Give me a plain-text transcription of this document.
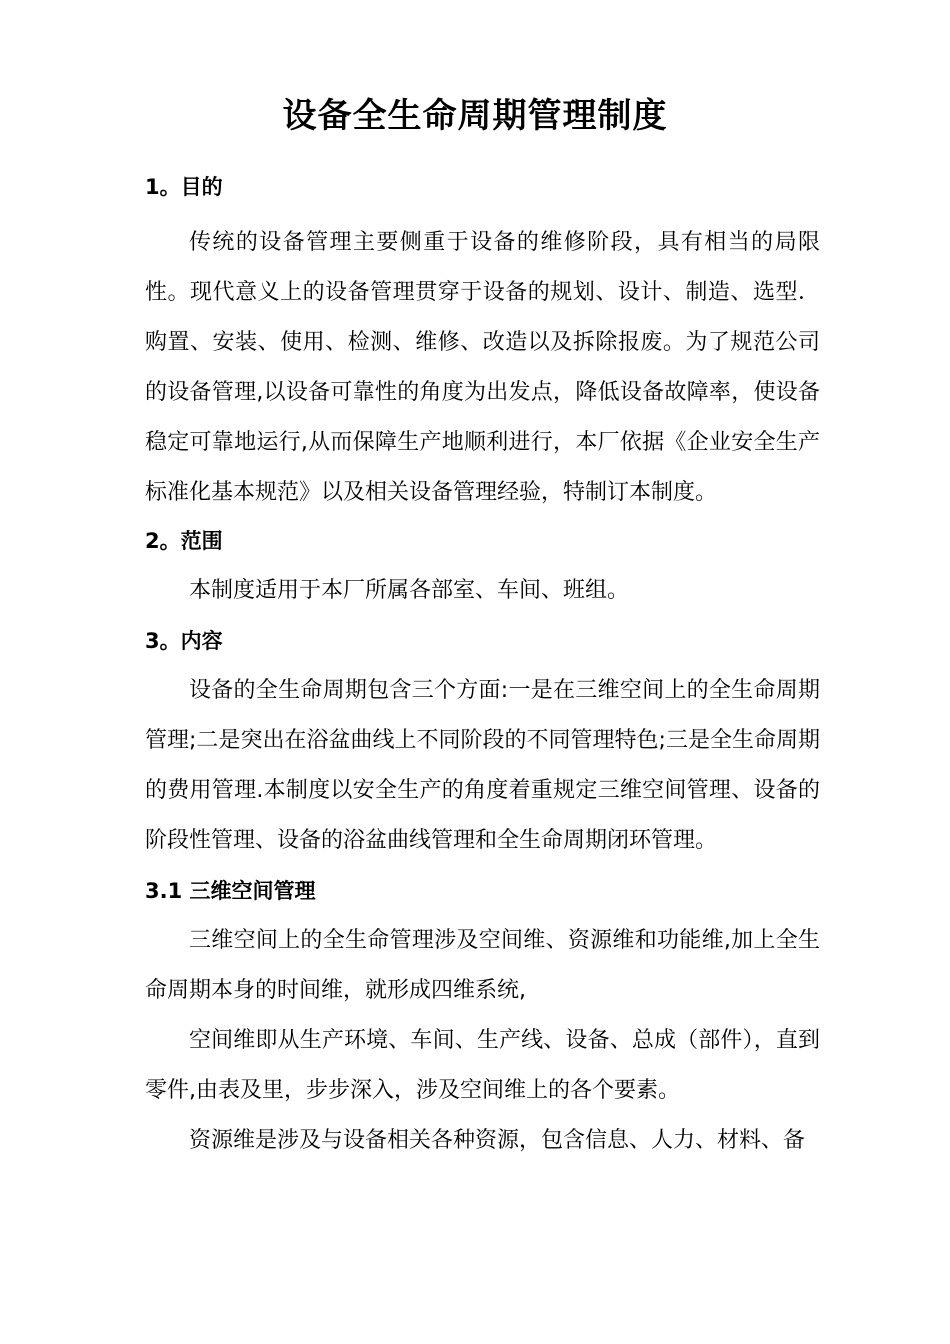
设备全生命周期管理制度
1。目的

传统的设备管理主要侧重于设备的维修阶段，具有相当的局限性。现代意义上的设备管理贯穿于设备的规划、设计、制造、选型．购置、安装、使用、检测、维修、改造以及拆除报废。为了规范公司的设备管理,以设备可靠性的角度为出发点，降低设备故障率，使设备稳定可靠地运行,从而保障生产地顺利进行，本厂依据《企业安全生产标准化基本规范》以及相关设备管理经验，特制订本制度。

2。范围

本制度适用于本厂所属各部室、车间、班组。

3。内容

设备的全生命周期包含三个方面:一是在三维空间上的全生命周期管理;二是突出在浴盆曲线上不同阶段的不同管理特色;三是全生命周期的费用管理.本制度以安全生产的角度着重规定三维空间管理、设备的阶段性管理、设备的浴盆曲线管理和全生命周期闭环管理。

3.1 三维空间管理

三维空间上的全生命管理涉及空间维、资源维和功能维,加上全生命周期本身的时间维，就形成四维系统,

空间维即从生产环境、车间、生产线、设备、总成（部件），直到零件,由表及里，步步深入，涉及空间维上的各个要素。

资源维是涉及与设备相关各种资源，包含信息、人力、材料、备
